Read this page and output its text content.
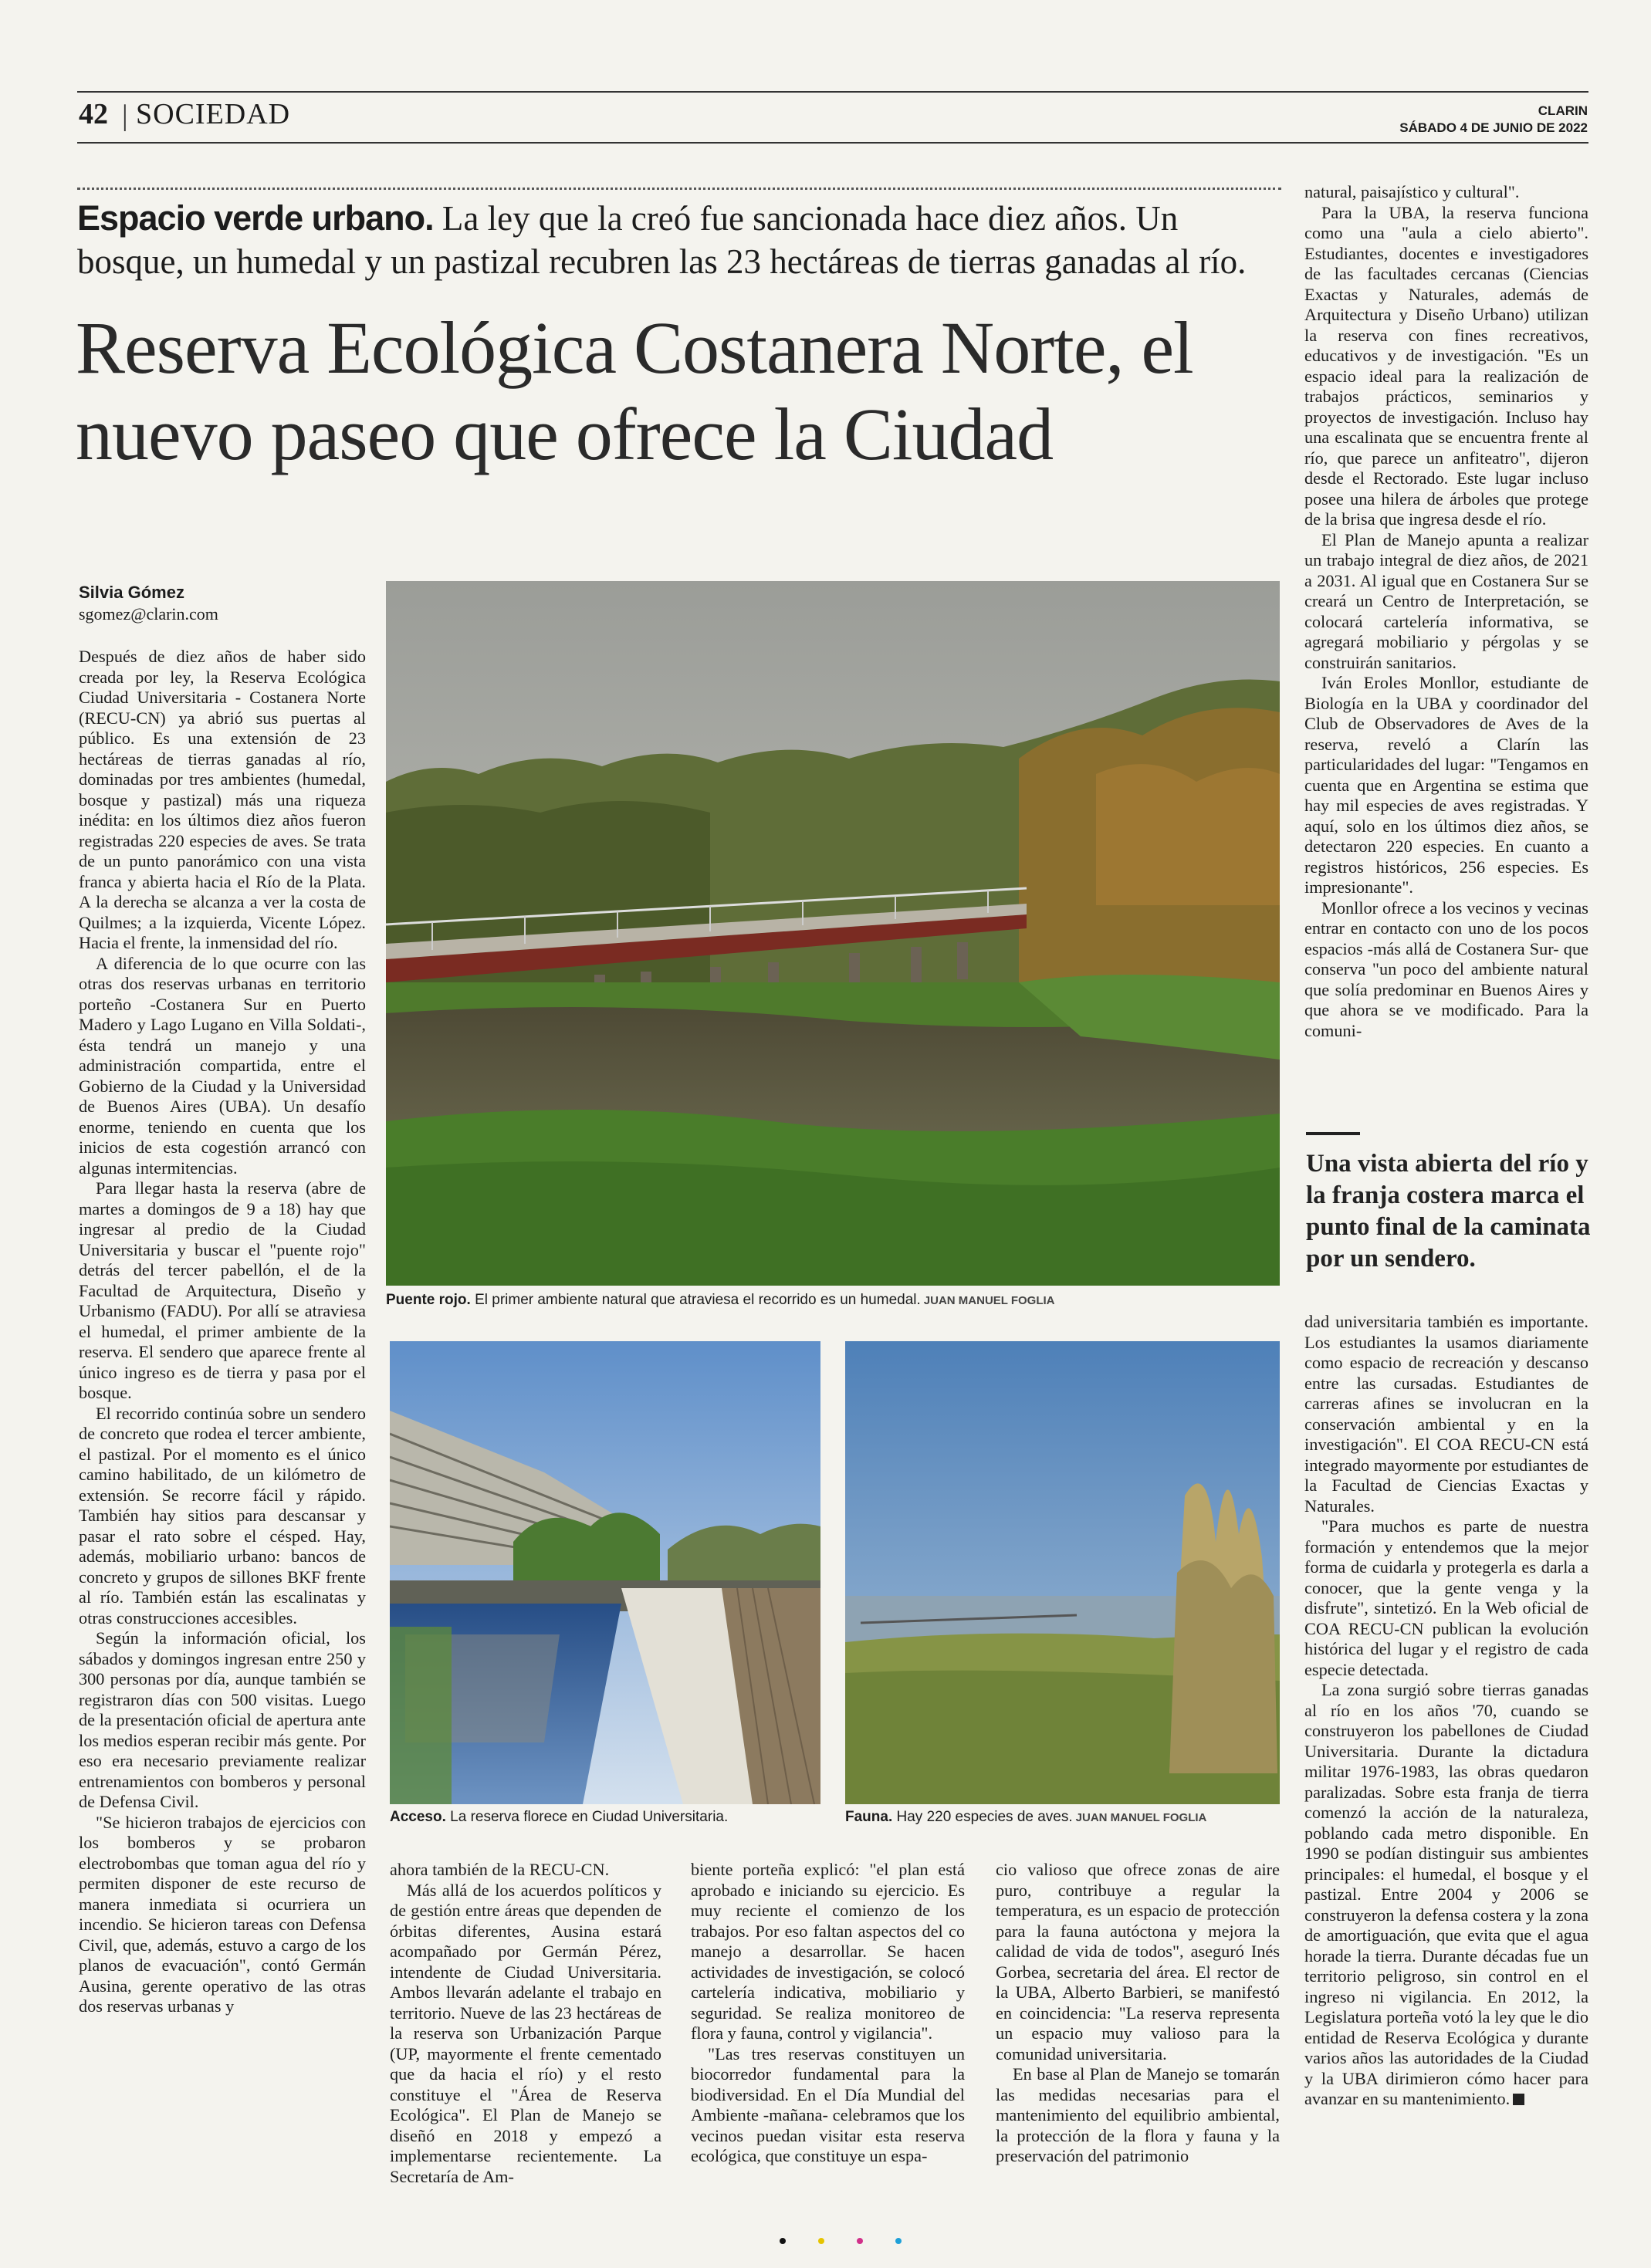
42 | SOCIEDAD	CLARIN
SÁBADO 4 DE JUNIO DE 2022
Espacio verde urbano. La ley que la creó fue sancionada hace diez años. Un bosque, un humedal y un pastizal recubren las 23 hectáreas de tierras ganadas al río.
Reserva Ecológica Costanera Norte, el nuevo paseo que ofrece la Ciudad
Silvia Gómez
sgomez@clarin.com
Puente rojo. El primer ambiente natural que atraviesa el recorrido es un humedal. JUAN MANUEL FOGLIA
Acceso. La reserva florece en Ciudad Universitaria.	Fauna. Hay 220 especies de aves. JUAN MANUEL FOGLIA

Después de diez años de haber sido creada por ley, la Reserva Ecológica Ciudad Universitaria - Costanera Norte (RECU-CN) ya abrió sus puertas al público. Es una extensión de 23 hectáreas de tierras ganadas al río, dominadas por tres ambientes (humedal, bosque y pastizal) más una riqueza inédita: en los últimos diez años fueron registradas 220 especies de aves. Se trata de un punto panorámico con una vista franca y abierta hacia el Río de la Plata. A la derecha se alcanza a ver la costa de Quilmes; a la izquierda, Vicente López. Hacia el frente, la inmensidad del río.

A diferencia de lo que ocurre con las otras dos reservas urbanas en territorio porteño -Costanera Sur en Puerto Madero y Lago Lugano en Villa Soldati-, ésta tendrá un manejo y una administración compartida, entre el Gobierno de la Ciudad y la Universidad de Buenos Aires (UBA). Un desafío enorme, teniendo en cuenta que los inicios de esta cogestión arrancó con algunas intermitencias.

Para llegar hasta la reserva (abre de martes a domingos de 9 a 18) hay que ingresar al predio de la Ciudad Universitaria y buscar el "puente rojo" detrás del tercer pabellón, el de la Facultad de Arquitectura, Diseño y Urbanismo (FADU). Por allí se atraviesa el humedal, el primer ambiente de la reserva. El sendero que aparece frente al único ingreso es de tierra y pasa por el bosque.

El recorrido continúa sobre un sendero de concreto que rodea el tercer ambiente, el pastizal. Por el momento es el único camino habilitado, de un kilómetro de extensión. Se recorre fácil y rápido. También hay sitios para descansar y pasar el rato sobre el césped. Hay, además, mobiliario urbano: bancos de concreto y grupos de sillones BKF frente al río. También están las escalinatas y otras construcciones accesibles.

Según la información oficial, los sábados y domingos ingresan entre 250 y 300 personas por día, aunque también se registraron días con 500 visitas. Luego de la presentación oficial de apertura ante los medios esperan recibir más gente. Por eso era necesario previamente realizar entrenamientos con bomberos y personal de Defensa Civil.

"Se hicieron trabajos de ejercicios con los bomberos y se probaron electrobombas que toman agua del río y permiten disponer de este recurso de manera inmediata si ocurriera un incendio. Se hicieron tareas con Defensa Civil, que, además, estuvo a cargo de los planos de evacuación", contó Germán Ausina, gerente operativo de las otras dos reservas urbanas y

ahora también de la RECU-CN.

Más allá de los acuerdos políticos y de gestión entre áreas que dependen de órbitas diferentes, Ausina estará acompañado por Germán Pérez, intendente de Ciudad Universitaria. Ambos llevarán adelante el trabajo en territorio. Nueve de las 23 hectáreas de la reserva son Urbanización Parque (UP, mayormente el frente cementado que da hacia el río) y el resto constituye el "Área de Reserva Ecológica". El Plan de Manejo se diseñó en 2018 y empezó a implementarse recientemente. La Secretaría de Am-

biente porteña explicó: "el plan está aprobado e iniciando su ejercicio. Es muy reciente el comienzo de los trabajos. Por eso faltan aspectos del co manejo a desarrollar. Se hacen actividades de investigación, se colocó cartelería indicativa, mobiliario y seguridad. Se realiza monitoreo de flora y fauna, control y vigilancia".

"Las tres reservas constituyen un biocorredor fundamental para la biodiversidad. En el Día Mundial del Ambiente -mañana- celebramos que los vecinos puedan visitar esta reserva ecológica, que constituye un espa-

cio valioso que ofrece zonas de aire puro, contribuye a regular la temperatura, es un espacio de protección para la fauna autóctona y mejora la calidad de vida de todos", aseguró Inés Gorbea, secretaria del área. El rector de la UBA, Alberto Barbieri, se manifestó en coincidencia: "La reserva representa un espacio muy valioso para la comunidad universitaria.

En base al Plan de Manejo se tomarán las medidas necesarias para el mantenimiento del equilibrio ambiental, la protección de la flora y fauna y la preservación del patrimonio

natural, paisajístico y cultural".

Para la UBA, la reserva funciona como una "aula a cielo abierto". Estudiantes, docentes e investigadores de las facultades cercanas (Ciencias Exactas y Naturales, además de Arquitectura y Diseño Urbano) utilizan la reserva con fines recreativos, educativos y de investigación. "Es un espacio ideal para la realización de trabajos prácticos, seminarios y proyectos de investigación. Incluso hay una escalinata que se encuentra frente al río, que parece un anfiteatro", dijeron desde el Rectorado. Este lugar incluso posee una hilera de árboles que protege de la brisa que ingresa desde el río.

El Plan de Manejo apunta a realizar un trabajo integral de diez años, de 2021 a 2031. Al igual que en Costanera Sur se creará un Centro de Interpretación, se colocará cartelería informativa, se agregará mobiliario y pérgolas y se construirán sanitarios.

Iván Eroles Monllor, estudiante de Biología en la UBA y coordinador del Club de Observadores de Aves de la reserva, reveló a Clarín las particularidades del lugar: "Tengamos en cuenta que en Argentina se estima que hay mil especies de aves registradas. Y aquí, solo en los últimos diez años, se detectaron 220 especies. En cuanto a registros históricos, 256 especies. Es impresionante".

Monllor ofrece a los vecinos y vecinas entrar en contacto con uno de los pocos espacios -más allá de Costanera Sur- que conserva "un poco del ambiente natural que solía predominar en Buenos Aires y que ahora se ve modificado. Para la comuni-

Una vista abierta del río y la franja costera marca el punto final de la caminata por un sendero.

dad universitaria también es importante. Los estudiantes la usamos diariamente como espacio de recreación y descanso entre las cursadas. Estudiantes de carreras afines se involucran en la conservación ambiental y en la investigación". El COA RECU-CN está integrado mayormente por estudiantes de la Facultad de Ciencias Exactas y Naturales.

"Para muchos es parte de nuestra formación y entendemos que la mejor forma de cuidarla y protegerla es darla a conocer, que la gente venga y la disfrute", sintetizó. En la Web oficial de COA RECU-CN publican la evolución histórica del lugar y el registro de cada especie detectada.

La zona surgió sobre tierras ganadas al río en los años '70, cuando se construyeron los pabellones de Ciudad Universitaria. Durante la dictadura militar 1976-1983, las obras quedaron paralizadas. Sobre esta franja de tierra comenzó la acción de la naturaleza, poblando cada metro disponible. En 1990 se podían distinguir sus ambientes principales: el humedal, el bosque y el pastizal. Entre 2004 y 2006 se construyeron la defensa costera y la zona de amortiguación, que evita que el agua horade la tierra. Durante décadas fue un territorio peligroso, sin control en el ingreso ni vigilancia. En 2012, la Legislatura porteña votó la ley que le dio entidad de Reserva Ecológica y durante varios años las autoridades de la Ciudad y la UBA dirimieron cómo hacer para avanzar en su mantenimiento.
